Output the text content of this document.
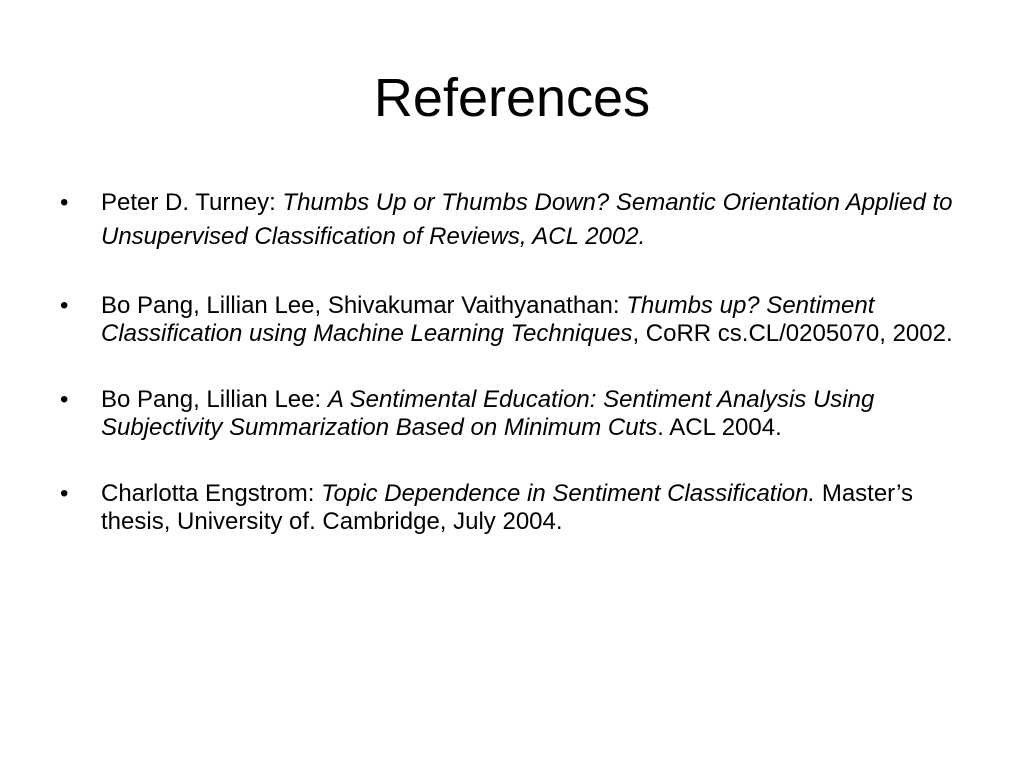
References
•	Peter D. Turney: Thumbs Up or Thumbs Down? Semantic Orientation Applied to Unsupervised Classification of Reviews, ACL 2002.
•	Bo Pang, Lillian Lee, Shivakumar Vaithyanathan: Thumbs up? Sentiment Classification using Machine Learning Techniques, CoRR cs.CL/0205070, 2002.
•	Bo Pang, Lillian Lee: A Sentimental Education: Sentiment Analysis Using Subjectivity Summarization Based on Minimum Cuts. ACL 2004.
•	Charlotta Engstrom: Topic Dependence in Sentiment Classification. Master’s thesis, University of. Cambridge, July 2004.
